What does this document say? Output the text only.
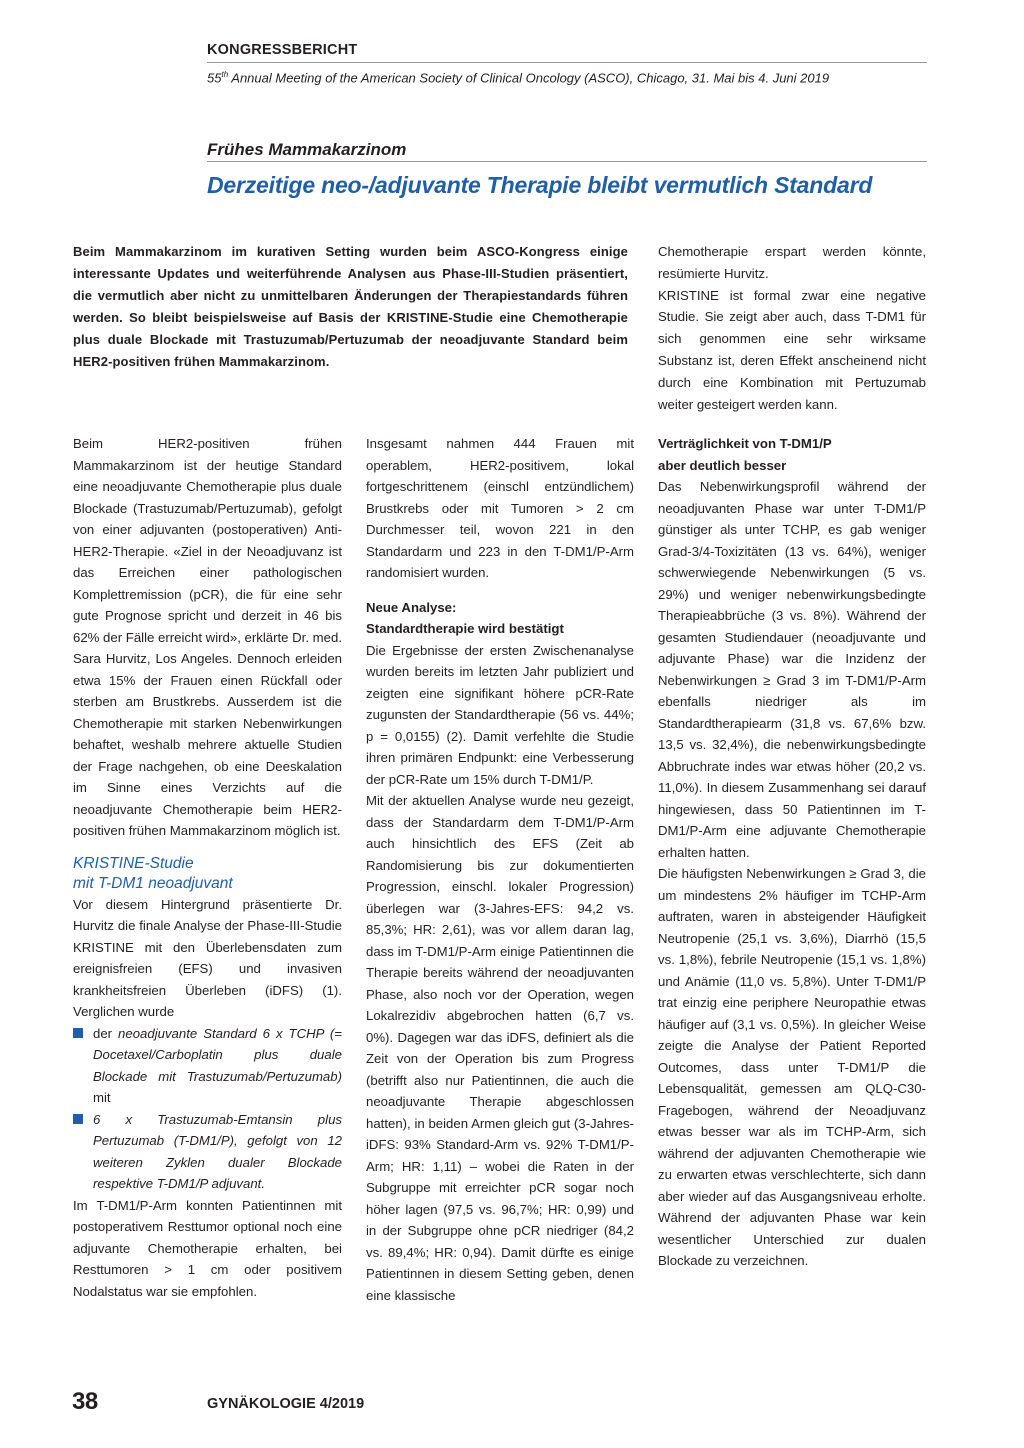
KONGRESSBERICHT
55th Annual Meeting of the American Society of Clinical Oncology (ASCO), Chicago, 31. Mai bis 4. Juni 2019
Frühes Mammakarzinom
Derzeitige neo-/adjuvante Therapie bleibt vermutlich Standard
Beim Mammakarzinom im kurativen Setting wurden beim ASCO-Kongress einige interessante Updates und weiterführende Analysen aus Phase-III-Studien präsentiert, die vermutlich aber nicht zu unmittelbaren Änderungen der Therapiestandards führen werden. So bleibt beispielsweise auf Basis der KRISTINE-Studie eine Chemotherapie plus duale Blockade mit Trastuzumab/Pertuzumab der neoadjuvante Standard beim HER2-positiven frühen Mammakarzinom.

Chemotherapie erspart werden könnte, resümierte Hurvitz.

KRISTINE ist formal zwar eine negative Studie. Sie zeigt aber auch, dass T-DM1 für sich genommen eine sehr wirksame Substanz ist, deren Effekt anscheinend nicht durch eine Kombination mit Pertuzumab weiter gesteigert werden kann.

Beim HER2-positiven frühen Mammakarzinom ist der heutige Standard eine neoadjuvante Chemotherapie plus duale Blockade (Trastuzumab/Pertuzumab), gefolgt von einer adjuvanten (postoperativen) Anti-HER2-Therapie. «Ziel in der Neoadjuvanz ist das Erreichen einer pathologischen Komplettremission (pCR), die für eine sehr gute Prognose spricht und derzeit in 46 bis 62% der Fälle erreicht wird», erklärte Dr. med. Sara Hurvitz, Los Angeles. Dennoch erleiden etwa 15% der Frauen einen Rückfall oder sterben am Brustkrebs. Ausserdem ist die Chemotherapie mit starken Nebenwirkungen behaftet, weshalb mehrere aktuelle Studien der Frage nachgehen, ob eine Deeskalation im Sinne eines Verzichts auf die neoadjuvante Chemotherapie beim HER2-positiven frühen Mammakarzinom möglich ist.

KRISTINE-Studie
mit T-DM1 neoadjuvant

Vor diesem Hintergrund präsentierte Dr. Hurvitz die finale Analyse der Phase-III-Studie KRISTINE mit den Überlebensdaten zum ereignisfreien (EFS) und invasiven krankheitsfreien Überleben (iDFS) (1). Verglichen wurde

der neoadjuvante Standard 6 x TCHP (= Docetaxel/Carboplatin plus duale Blockade mit Trastuzumab/Pertuzumab) mit

6 x Trastuzumab-Emtansin plus Pertuzumab (T-DM1/P), gefolgt von 12 weiteren Zyklen dualer Blockade respektive T-DM1/P adjuvant.

Im T-DM1/P-Arm konnten Patientinnen mit postoperativem Resttumor optional noch eine adjuvante Chemotherapie erhalten, bei Resttumoren > 1 cm oder positivem Nodalstatus war sie empfohlen.

Insgesamt nahmen 444 Frauen mit operablem, HER2-positivem, lokal fortgeschrittenem (einschl entzündlichem) Brustkrebs oder mit Tumoren > 2 cm Durchmesser teil, wovon 221 in den Standardarm und 223 in den T-DM1/P-Arm randomisiert wurden.

Neue Analyse:

Standardtherapie wird bestätigt

Die Ergebnisse der ersten Zwischenanalyse wurden bereits im letzten Jahr publiziert und zeigten eine signifikant höhere pCR-Rate zugunsten der Standardtherapie (56 vs. 44%; p = 0,0155) (2). Damit verfehlte die Studie ihren primären Endpunkt: eine Verbesserung der pCR-Rate um 15% durch T-DM1/P.

Mit der aktuellen Analyse wurde neu gezeigt, dass der Standardarm dem T-DM1/P-Arm auch hinsichtlich des EFS (Zeit ab Randomisierung bis zur dokumentierten Progression, einschl. lokaler Progression) überlegen war (3-Jahres-EFS: 94,2 vs. 85,3%; HR: 2,61), was vor allem daran lag, dass im T-DM1/P-Arm einige Patientinnen die Therapie bereits während der neoadjuvanten Phase, also noch vor der Operation, wegen Lokalrezidiv abgebrochen hatten (6,7 vs. 0%). Dagegen war das iDFS, definiert als die Zeit von der Operation bis zum Progress (betrifft also nur Patientinnen, die auch die neoadjuvante Therapie abgeschlossen hatten), in beiden Armen gleich gut (3-Jahres-iDFS: 93% Standard-Arm vs. 92% T-DM1/P-Arm; HR: 1,11) – wobei die Raten in der Subgruppe mit erreichter pCR sogar noch höher lagen (97,5 vs. 96,7%; HR: 0,99) und in der Subgruppe ohne pCR niedriger (84,2 vs. 89,4%; HR: 0,94). Damit dürfte es einige Patientinnen in diesem Setting geben, denen eine klassische

Verträglichkeit von T-DM1/P

aber deutlich besser

Das Nebenwirkungsprofil während der neoadjuvanten Phase war unter T-DM1/P günstiger als unter TCHP, es gab weniger Grad-3/4-Toxizitäten (13 vs. 64%), weniger schwerwiegende Nebenwirkungen (5 vs. 29%) und weniger nebenwirkungsbedingte Therapieabbrüche (3 vs. 8%). Während der gesamten Studiendauer (neoadjuvante und adjuvante Phase) war die Inzidenz der Nebenwirkungen ≥ Grad 3 im T-DM1/P-Arm ebenfalls niedriger als im Standardtherapiearm (31,8 vs. 67,6% bzw. 13,5 vs. 32,4%), die nebenwirkungsbedingte Abbruchrate indes war etwas höher (20,2 vs. 11,0%). In diesem Zusammenhang sei darauf hingewiesen, dass 50 Patientinnen im T-DM1/P-Arm eine adjuvante Chemotherapie erhalten hatten.

Die häufigsten Nebenwirkungen ≥ Grad 3, die um mindestens 2% häufiger im TCHP-Arm auftraten, waren in absteigender Häufigkeit Neutropenie (25,1 vs. 3,6%), Diarrhö (15,5 vs. 1,8%), febrile Neutropenie (15,1 vs. 1,8%) und Anämie (11,0 vs. 5,8%). Unter T-DM1/P trat einzig eine periphere Neuropathie etwas häufiger auf (3,1 vs. 0,5%). In gleicher Weise zeigte die Analyse der Patient Reported Outcomes, dass unter T-DM1/P die Lebensqualität, gemessen am QLQ-C30-Fragebogen, während der Neoadjuvanz etwas besser war als im TCHP-Arm, sich während der adjuvanten Chemotherapie wie zu erwarten etwas verschlechterte, sich dann aber wieder auf das Ausgangsniveau erholte. Während der adjuvanten Phase war kein wesentlicher Unterschied zur dualen Blockade zu verzeichnen.

38	GYNÄKOLOGIE 4/2019
